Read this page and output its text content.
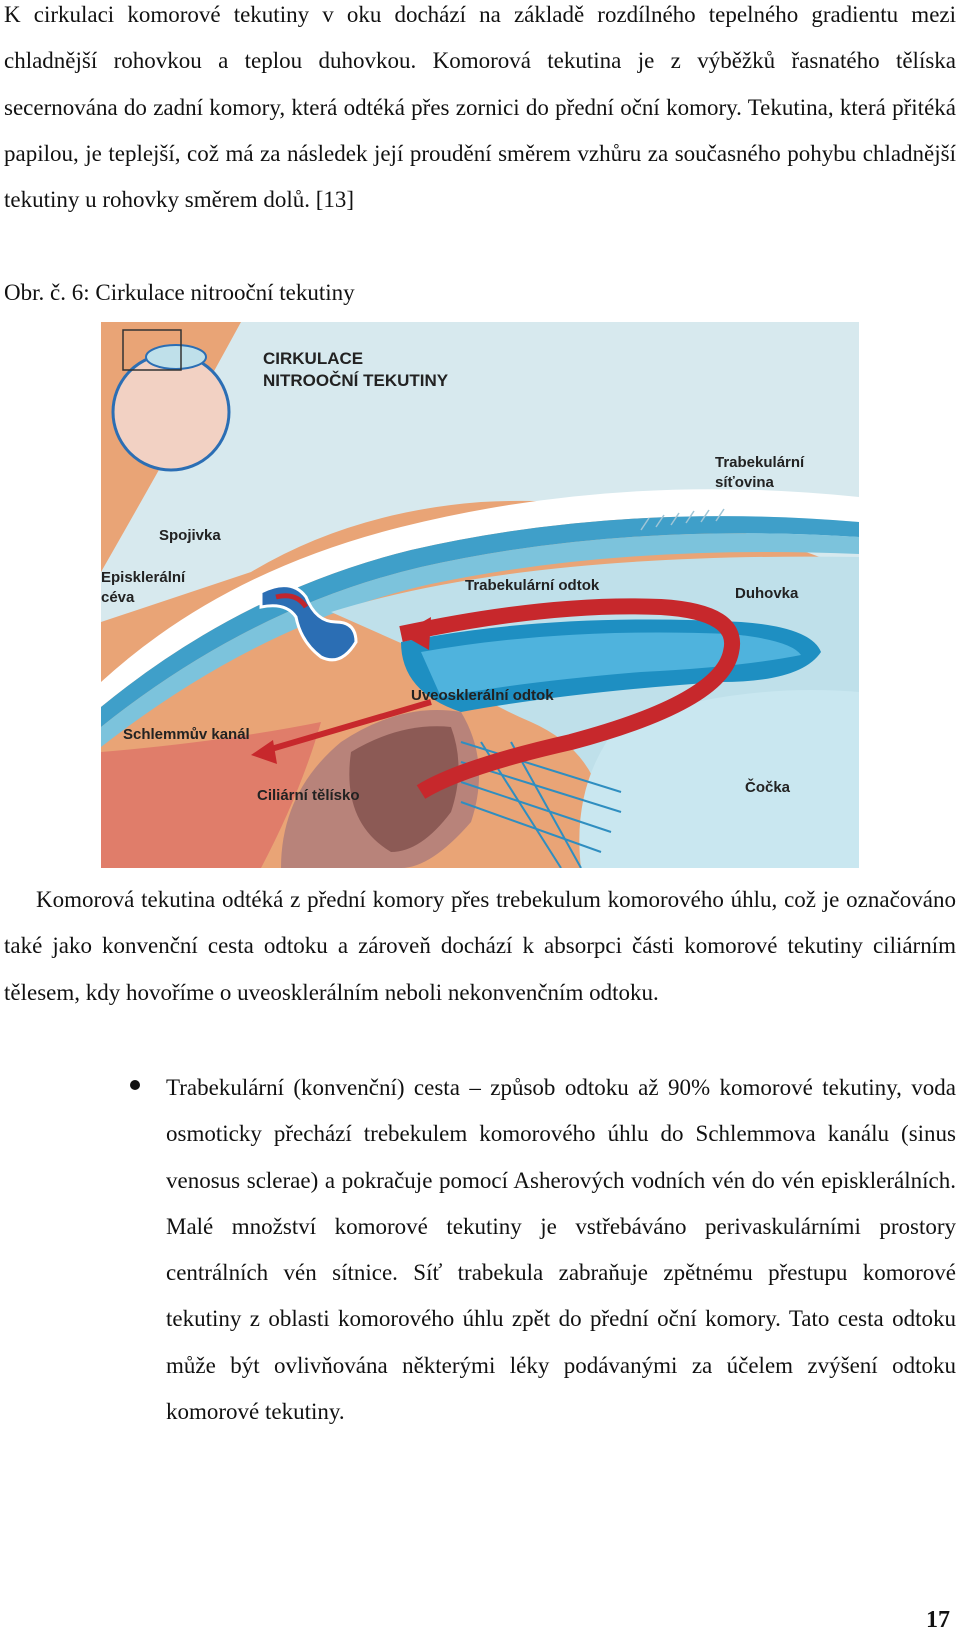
K cirkulaci komorové tekutiny v oku dochází na základě rozdílného tepelného gradientu mezi chladnější rohovkou a teplou duhovkou. Komorová tekutina je z výběžků řasnatého tělíska secernována do zadní komory, která odtéká přes zornici do přední oční komory. Tekutina, která přitéká papilou, je teplejší, což má za následek její proudění směrem vzhůru za současného pohybu chladnější tekutiny u rohovky směrem dolů. [13]
Obr. č. 6: Cirkulace nitrooční tekutiny
CIRKULACE
NITROOČNÍ TEKUTINY
Trabekulární
síťovina
Spojivka
Episklerální
céva
Trabekulární odtok	Duhovka
Uveosklerální odtok
Schlemmův kanál
Ciliární tělísko	Čočka
Komorová tekutina odtéká z přední komory přes trebekulum komorového úhlu, což je označováno také jako konvenční cesta odtoku a zároveň dochází k absorpci části komorové tekutiny ciliárním tělesem, kdy hovoříme o uveosklerálním neboli nekonvenčním odtoku.
Trabekulární (konvenční) cesta – způsob odtoku až 90% komorové tekutiny, voda osmoticky přechází trebekulem komorového úhlu do Schlemmova kanálu (sinus venosus sclerae) a pokračuje pomocí Asherových vodních vén do vén episklerálních. Malé množství komorové tekutiny je vstřebáváno perivaskulárními prostory centrálních vén sítnice. Síť trabekula zabraňuje zpětnému přestupu komorové tekutiny z oblasti komorového úhlu zpět do přední oční komory. Tato cesta odtoku může být ovlivňována některými léky podávanými za účelem zvýšení odtoku komorové tekutiny.
17
